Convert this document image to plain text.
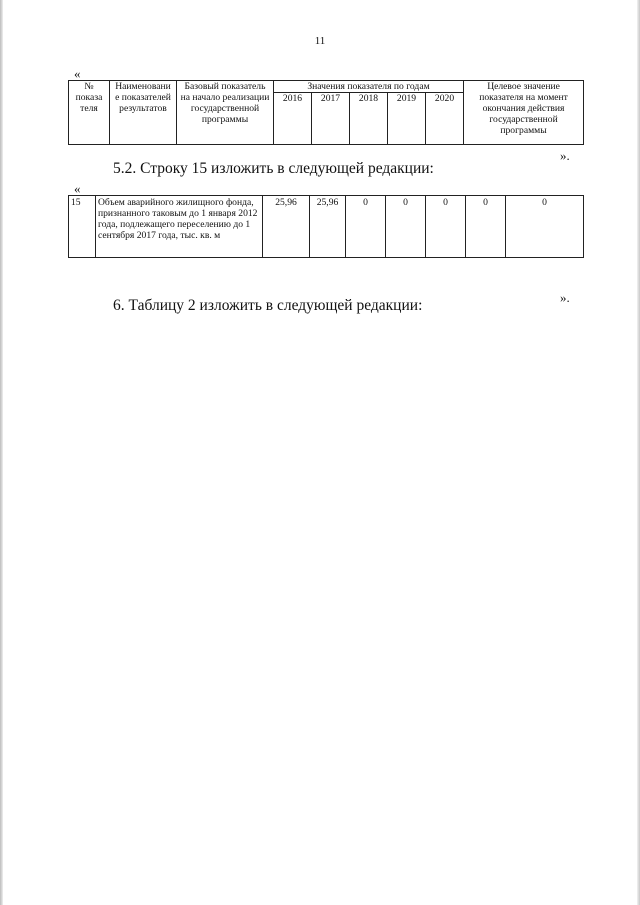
11
«
№ показа теля	Наименовани е показателей результатов	Базовый показатель на начало реализации государственной программы	Значения показателя по годам					Целевое значение показателя на момент окончания действия государственной программы
			2016	2017	2018	2019	2020	
».
5.2. Строку 15 изложить в следующей редакции:
«
15	Объем аварийного жилищного фонда, признанного таковым до 1 января 2012 года, подлежащего переселению до 1 сентября 2017 года, тыс. кв. м	25,96	25,96	0	0	0	0	0
».
6. Таблицу 2 изложить в следующей редакции:
